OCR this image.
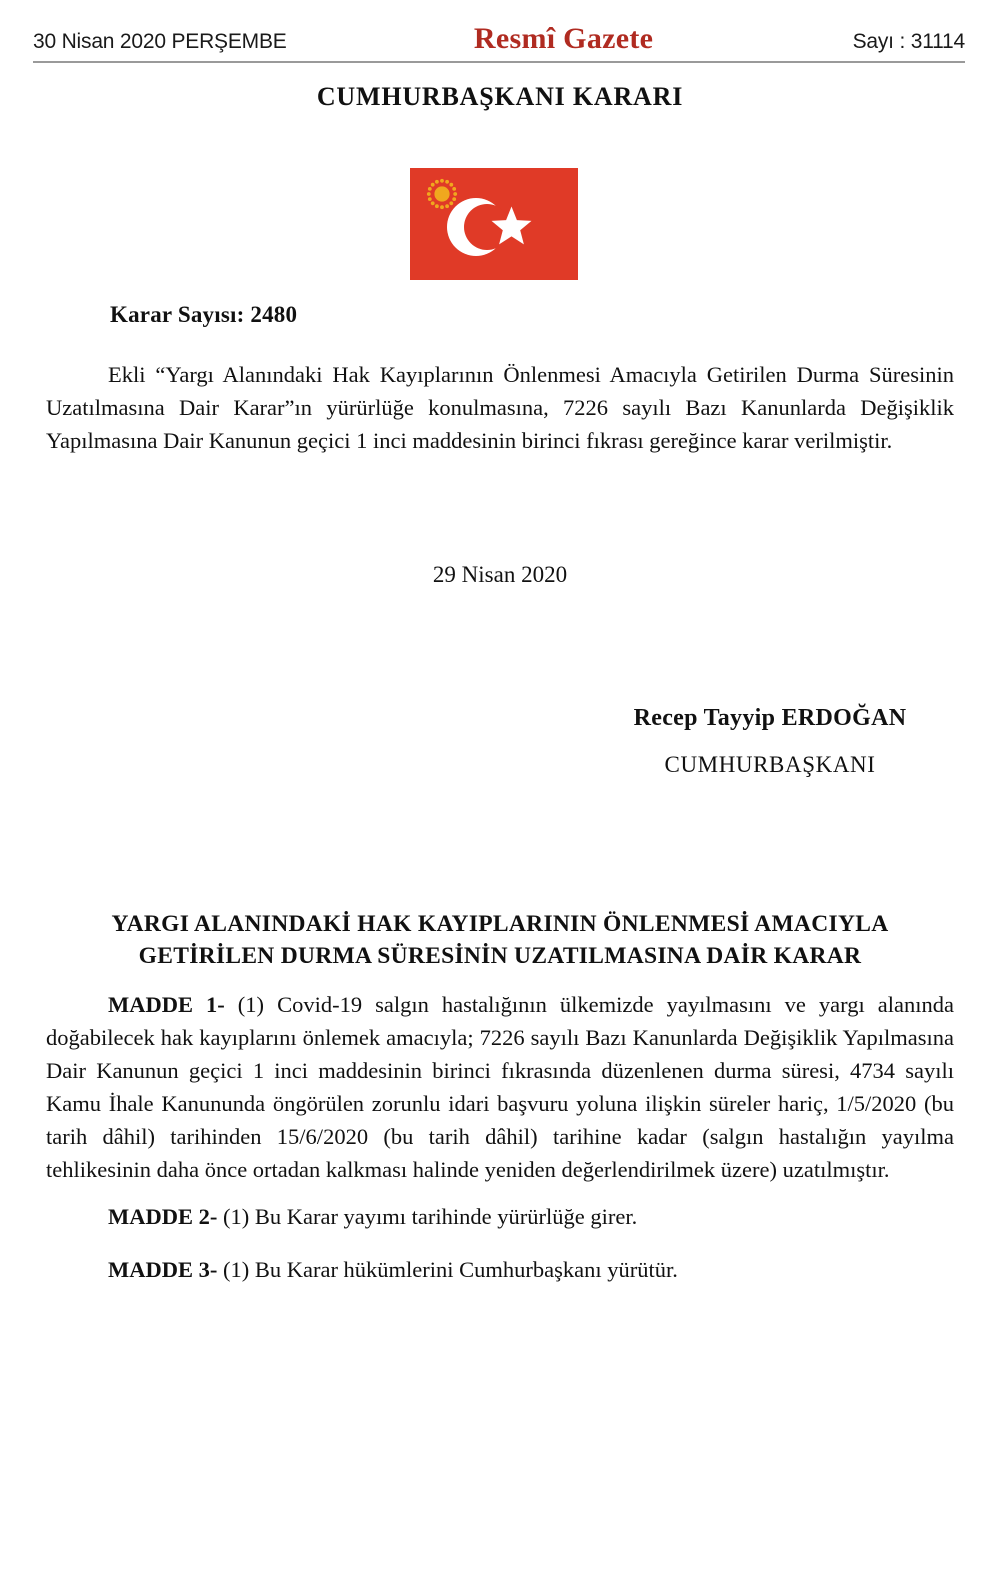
30 Nisan 2020 PERŞEMBE	Resmî Gazete	Sayı : 31114
CUMHURBAŞKANI KARARI
Karar Sayısı: 2480
Ekli “Yargı Alanındaki Hak Kayıplarının Önlenmesi Amacıyla Getirilen Durma Süresinin Uzatılmasına Dair Karar”ın yürürlüğe konulmasına, 7226 sayılı Bazı Kanunlarda Değişiklik Yapılmasına Dair Kanunun geçici 1 inci maddesinin birinci fıkrası gereğince karar verilmiştir.
29 Nisan 2020
Recep Tayyip ERDOĞAN
CUMHURBAŞKANI
YARGI ALANINDAKİ HAK KAYIPLARININ ÖNLENMESİ AMACIYLA
GETİRİLEN DURMA SÜRESİNİN UZATILMASINA DAİR KARAR
MADDE 1- (1) Covid-19 salgın hastalığının ülkemizde yayılmasını ve yargı alanında doğabilecek hak kayıplarını önlemek amacıyla; 7226 sayılı Bazı Kanunlarda Değişiklik Yapılmasına Dair Kanunun geçici 1 inci maddesinin birinci fıkrasında düzenlenen durma süresi, 4734 sayılı Kamu İhale Kanununda öngörülen zorunlu idari başvuru yoluna ilişkin süreler hariç, 1/5/2020 (bu tarih dâhil) tarihinden 15/6/2020 (bu tarih dâhil) tarihine kadar (salgın hastalığın yayılma tehlikesinin daha önce ortadan kalkması halinde yeniden değerlendirilmek üzere) uzatılmıştır.
MADDE 2- (1) Bu Karar yayımı tarihinde yürürlüğe girer.
MADDE 3- (1) Bu Karar hükümlerini Cumhurbaşkanı yürütür.
